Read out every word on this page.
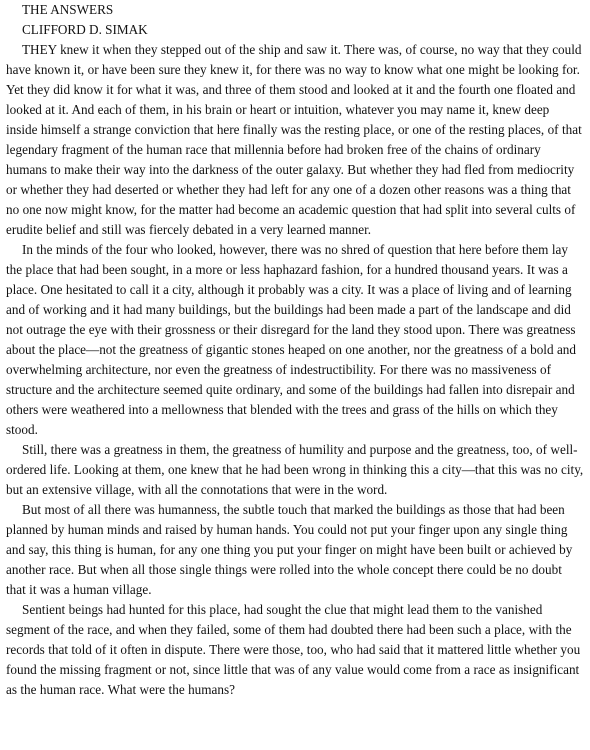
THE ANSWERS

CLIFFORD D. SIMAK

THEY knew it when they stepped out of the ship and saw it. There was, of course, no way that they could have known it, or have been sure they knew it, for there was no way to know what one might be looking for. Yet they did know it for what it was, and three of them stood and looked at it and the fourth one floated and looked at it. And each of them, in his brain or heart or intuition, whatever you may name it, knew deep inside himself a strange conviction that here finally was the resting place, or one of the resting places, of that legendary fragment of the human race that millennia before had broken free of the chains of ordinary humans to make their way into the darkness of the outer galaxy. But whether they had fled from mediocrity or whether they had deserted or whether they had left for any one of a dozen other reasons was a thing that no one now might know, for the matter had become an academic question that had split into several cults of erudite belief and still was fiercely debated in a very learned manner.

In the minds of the four who looked, however, there was no shred of question that here before them lay the place that had been sought, in a more or less haphazard fashion, for a hundred thousand years. It was a place. One hesitated to call it a city, although it probably was a city. It was a place of living and of learning and of working and it had many buildings, but the buildings had been made a part of the landscape and did not outrage the eye with their grossness or their disregard for the land they stood upon. There was greatness about the place—not the greatness of gigantic stones heaped on one another, nor the greatness of a bold and overwhelming architecture, nor even the greatness of indestructibility. For there was no massiveness of structure and the architecture seemed quite ordinary, and some of the buildings had fallen into disrepair and others were weathered into a mellowness that blended with the trees and grass of the hills on which they stood.

Still, there was a greatness in them, the greatness of humility and purpose and the greatness, too, of well-ordered life. Looking at them, one knew that he had been wrong in thinking this a city—that this was no city, but an extensive village, with all the connotations that were in the word.

But most of all there was humanness, the subtle touch that marked the buildings as those that had been planned by human minds and raised by human hands. You could not put your finger upon any single thing and say, this thing is human, for any one thing you put your finger on might have been built or achieved by another race. But when all those single things were rolled into the whole concept there could be no doubt that it was a human village.

Sentient beings had hunted for this place, had sought the clue that might lead them to the vanished segment of the race, and when they failed, some of them had doubted there had been such a place, with the records that told of it often in dispute. There were those, too, who had said that it mattered little whether you found the missing fragment or not, since little that was of any value would come from a race as insignificant as the human race. What were the humans?
